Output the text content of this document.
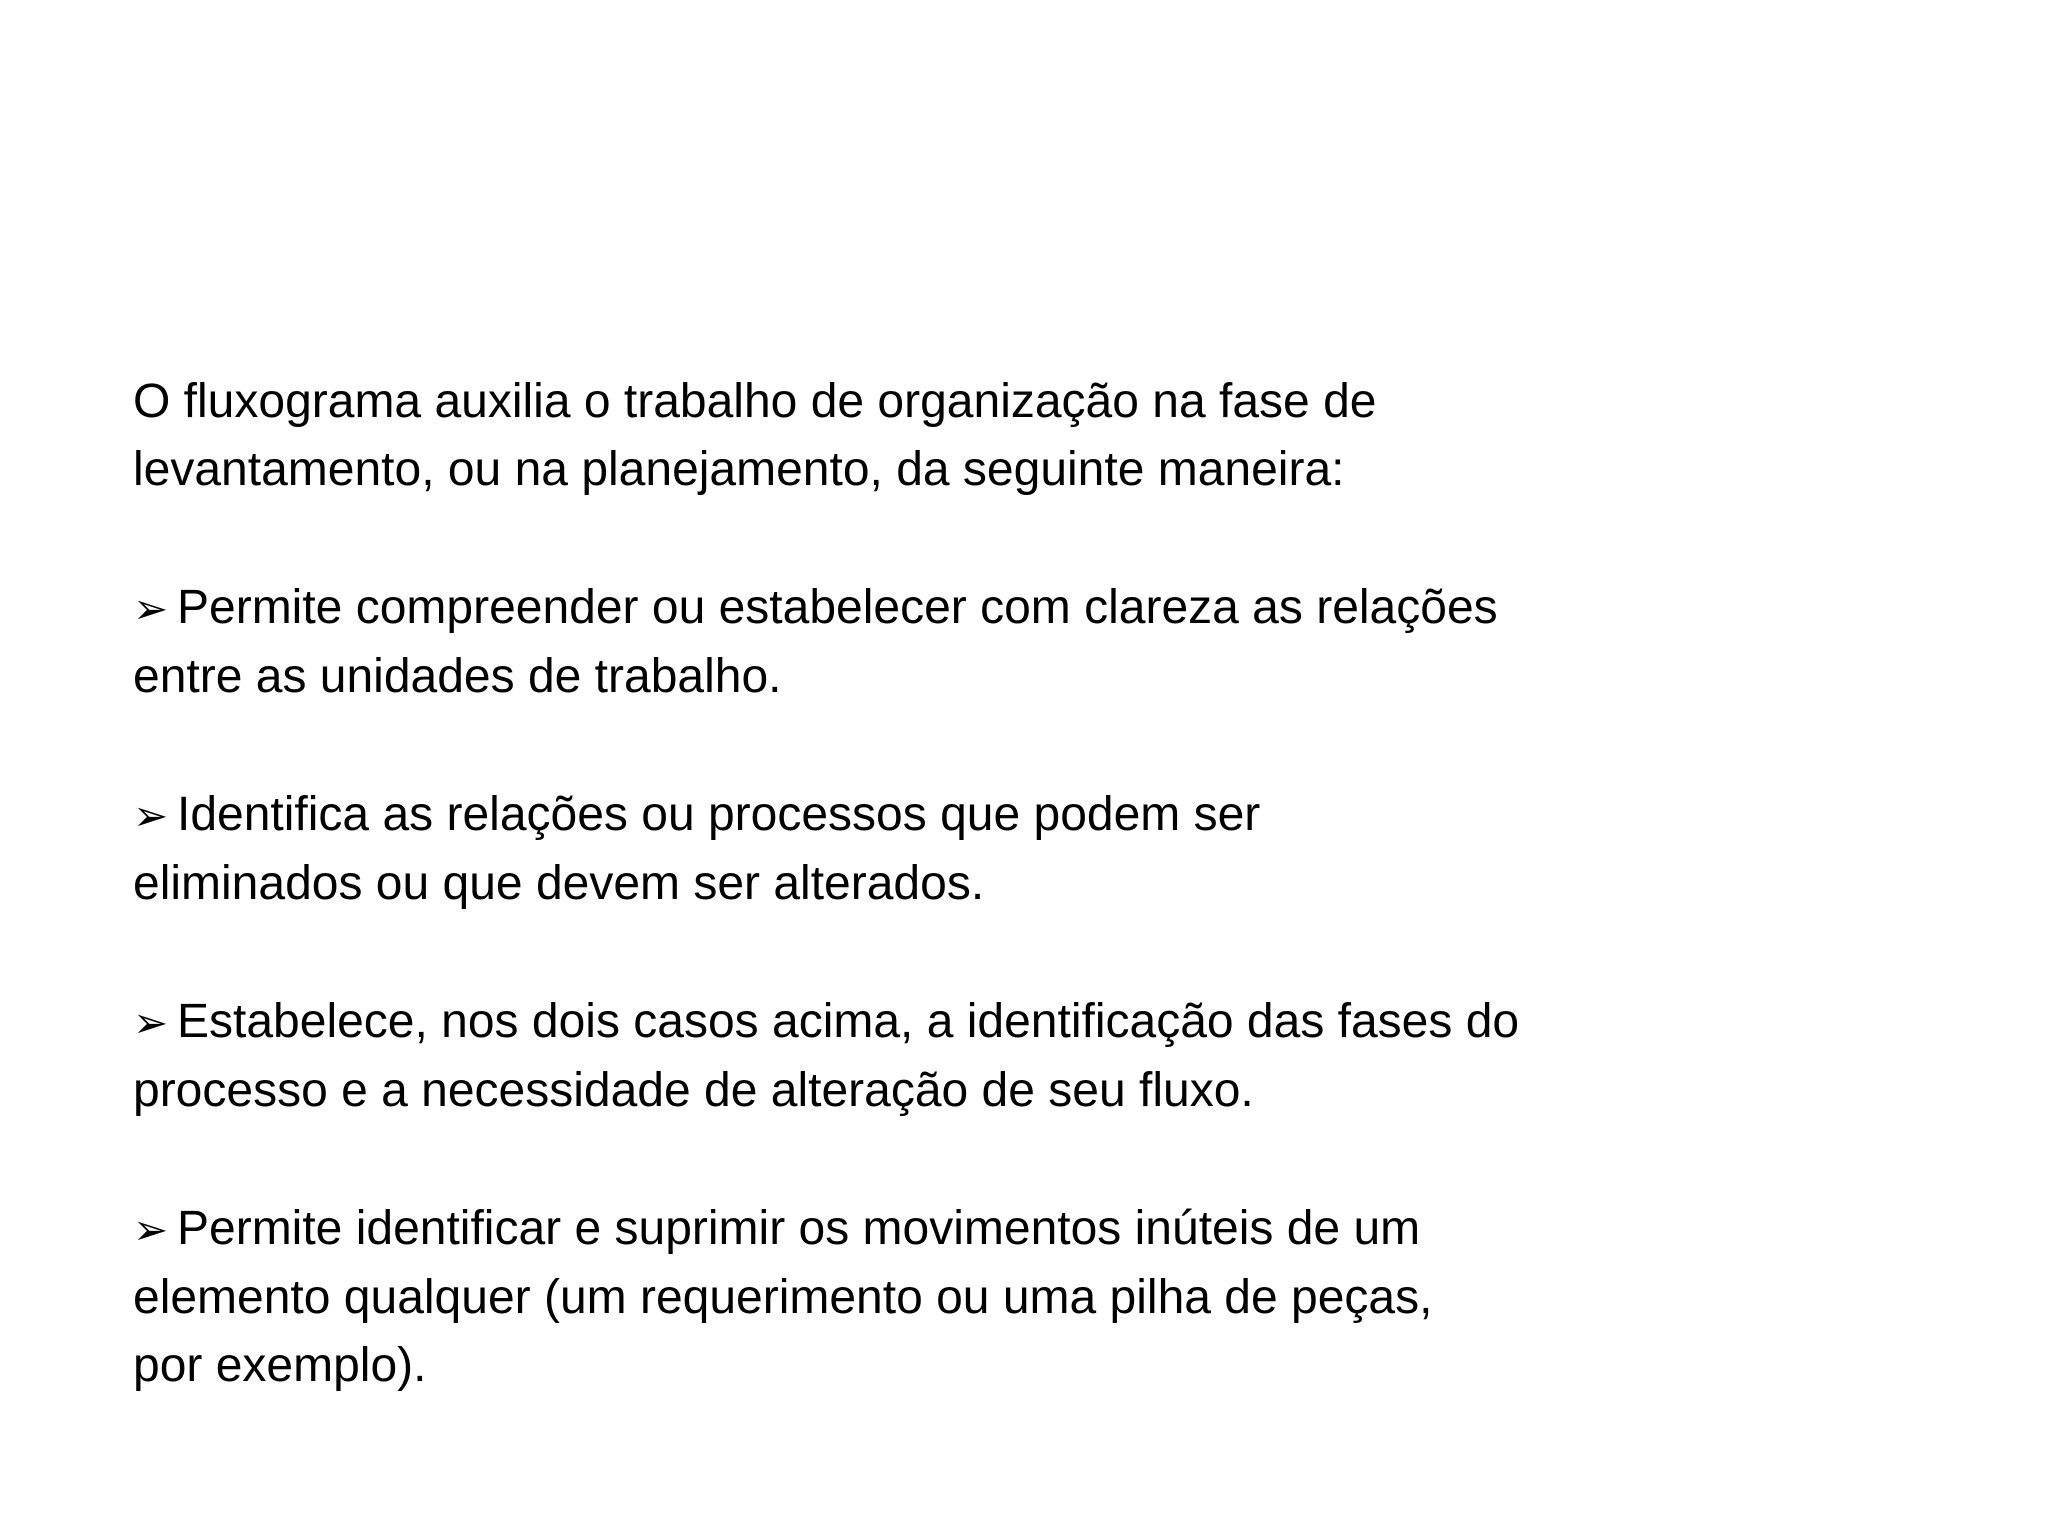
O fluxograma auxilia o trabalho de organização na fase de
levantamento, ou na planejamento, da seguinte maneira:

➢ Permite compreender ou estabelecer com clareza as relações
entre as unidades de trabalho.

➢ Identifica as relações ou processos que podem ser
eliminados ou que devem ser alterados.

➢ Estabelece, nos dois casos acima, a identificação das fases do
processo e a necessidade de alteração de seu fluxo.

➢ Permite identificar e suprimir os movimentos inúteis de um
elemento qualquer (um requerimento ou uma pilha de peças,
por exemplo).
